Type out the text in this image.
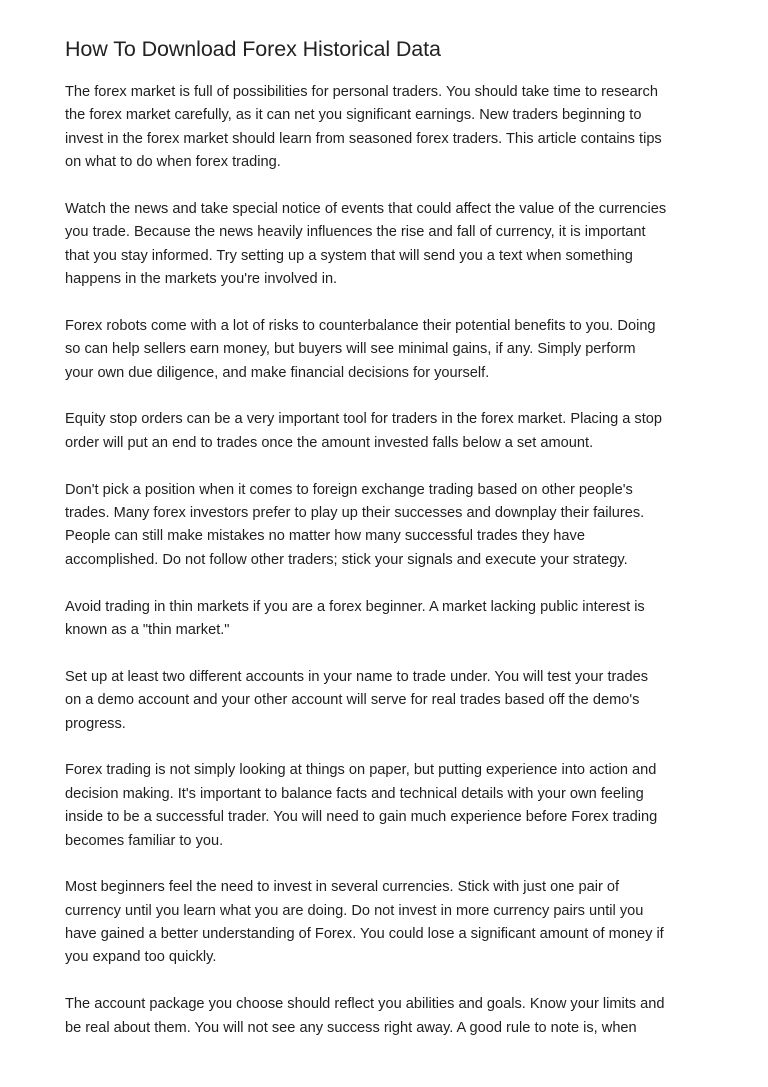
How To Download Forex Historical Data

The forex market is full of possibilities for personal traders. You should take time to research
the forex market carefully, as it can net you significant earnings. New traders beginning to
invest in the forex market should learn from seasoned forex traders. This article contains tips
on what to do when forex trading.

Watch the news and take special notice of events that could affect the value of the currencies
you trade. Because the news heavily influences the rise and fall of currency, it is important
that you stay informed. Try setting up a system that will send you a text when something
happens in the markets you're involved in.

Forex robots come with a lot of risks to counterbalance their potential benefits to you. Doing
so can help sellers earn money, but buyers will see minimal gains, if any. Simply perform
your own due diligence, and make financial decisions for yourself.

Equity stop orders can be a very important tool for traders in the forex market. Placing a stop
order will put an end to trades once the amount invested falls below a set amount.

Don't pick a position when it comes to foreign exchange trading based on other people's
trades. Many forex investors prefer to play up their successes and downplay their failures.
People can still make mistakes no matter how many successful trades they have
accomplished. Do not follow other traders; stick your signals and execute your strategy.

Avoid trading in thin markets if you are a forex beginner. A market lacking public interest is
known as a "thin market."

Set up at least two different accounts in your name to trade under. You will test your trades
on a demo account and your other account will serve for real trades based off the demo's
progress.

Forex trading is not simply looking at things on paper, but putting experience into action and
decision making. It's important to balance facts and technical details with your own feeling
inside to be a successful trader. You will need to gain much experience before Forex trading
becomes familiar to you.

Most beginners feel the need to invest in several currencies. Stick with just one pair of
currency until you learn what you are doing. Do not invest in more currency pairs until you
have gained a better understanding of Forex. You could lose a significant amount of money if
you expand too quickly.

The account package you choose should reflect you abilities and goals. Know your limits and
be real about them. You will not see any success right away. A good rule to note is, when
